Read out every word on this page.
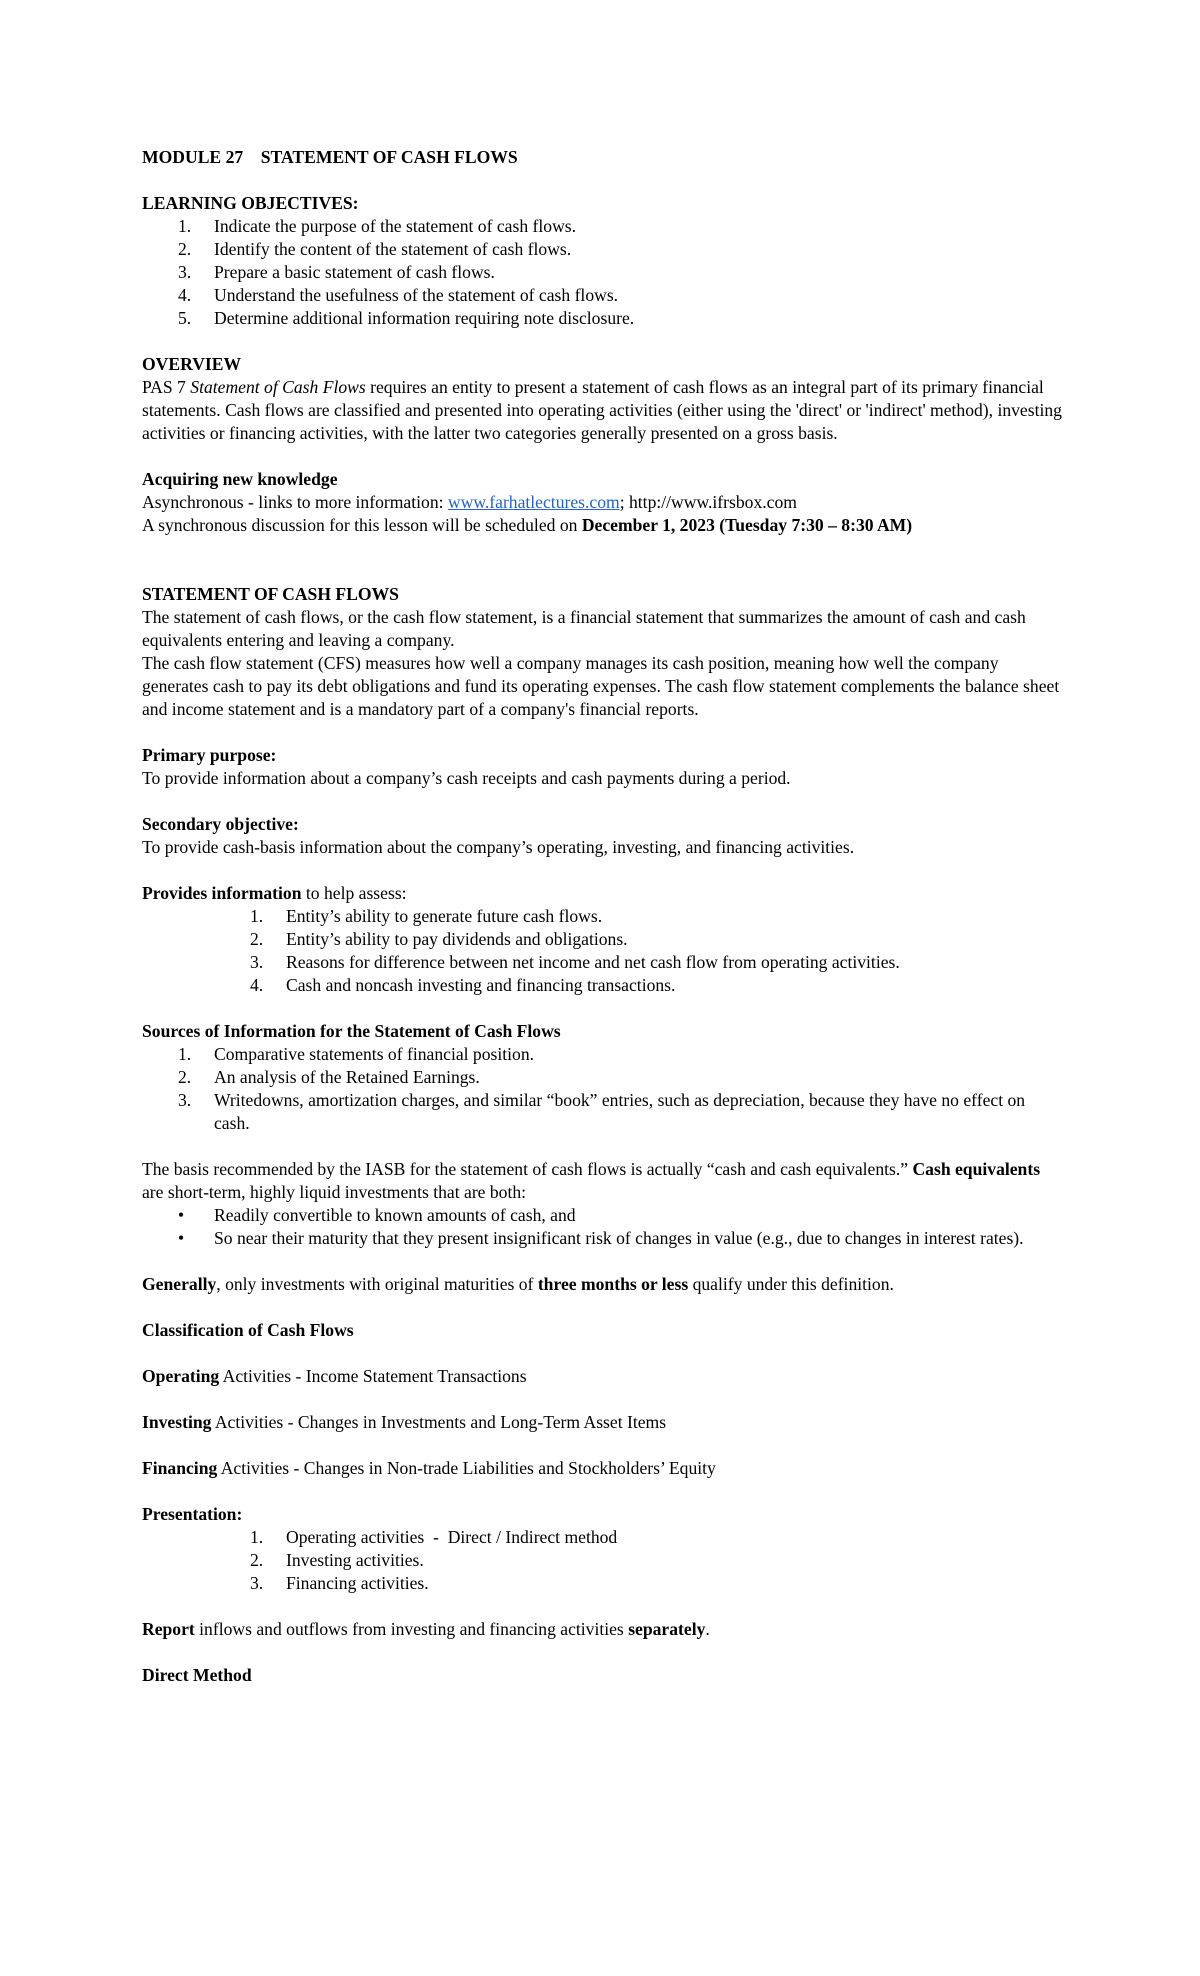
MODULE 27    STATEMENT OF CASH FLOWS

LEARNING OBJECTIVES:

1.	Indicate the purpose of the statement of cash flows.
2.	Identify the content of the statement of cash flows.
3.	Prepare a basic statement of cash flows.
4.	Understand the usefulness of the statement of cash flows.
5.	Determine additional information requiring note disclosure.

OVERVIEW

PAS 7 Statement of Cash Flows requires an entity to present a statement of cash flows as an integral part of its primary financial statements. Cash flows are classified and presented into operating activities (either using the 'direct' or 'indirect' method), investing activities or financing activities, with the latter two categories generally presented on a gross basis.

Acquiring new knowledge

Asynchronous - links to more information: www.farhatlectures.com; http://www.ifrsbox.com

A synchronous discussion for this lesson will be scheduled on December 1, 2023 (Tuesday 7:30 – 8:30 AM)

STATEMENT OF CASH FLOWS

The statement of cash flows, or the cash flow statement, is a financial statement that summarizes the amount of cash and cash equivalents entering and leaving a company.

The cash flow statement (CFS) measures how well a company manages its cash position, meaning how well the company generates cash to pay its debt obligations and fund its operating expenses. The cash flow statement complements the balance sheet and income statement and is a mandatory part of a company's financial reports.

Primary purpose:

To provide information about a company’s cash receipts and cash payments during a period.

Secondary objective:

To provide cash-basis information about the company’s operating, investing, and financing activities.

Provides information to help assess:

1.	Entity’s ability to generate future cash flows.
2.	Entity’s ability to pay dividends and obligations.
3.	Reasons for difference between net income and net cash flow from operating activities.
4.	Cash and noncash investing and financing transactions.

Sources of Information for the Statement of Cash Flows

1.	Comparative statements of financial position.
2.	An analysis of the Retained Earnings.
3.	Writedowns, amortization charges, and similar “book” entries, such as depreciation, because they have no effect on cash.

The basis recommended by the IASB for the statement of cash flows is actually “cash and cash equivalents.” Cash equivalents are short-term, highly liquid investments that are both:

• Readily convertible to known amounts of cash, and
• So near their maturity that they present insignificant risk of changes in value (e.g., due to changes in interest rates).

Generally, only investments with original maturities of three months or less qualify under this definition.

Classification of Cash Flows

Operating Activities - Income Statement Transactions

Investing Activities - Changes in Investments and Long-Term Asset Items

Financing Activities - Changes in Non-trade Liabilities and Stockholders’ Equity

Presentation:

1.	Operating activities  -  Direct / Indirect method
2.	Investing activities.
3.	Financing activities.

Report inflows and outflows from investing and financing activities separately.

Direct Method
